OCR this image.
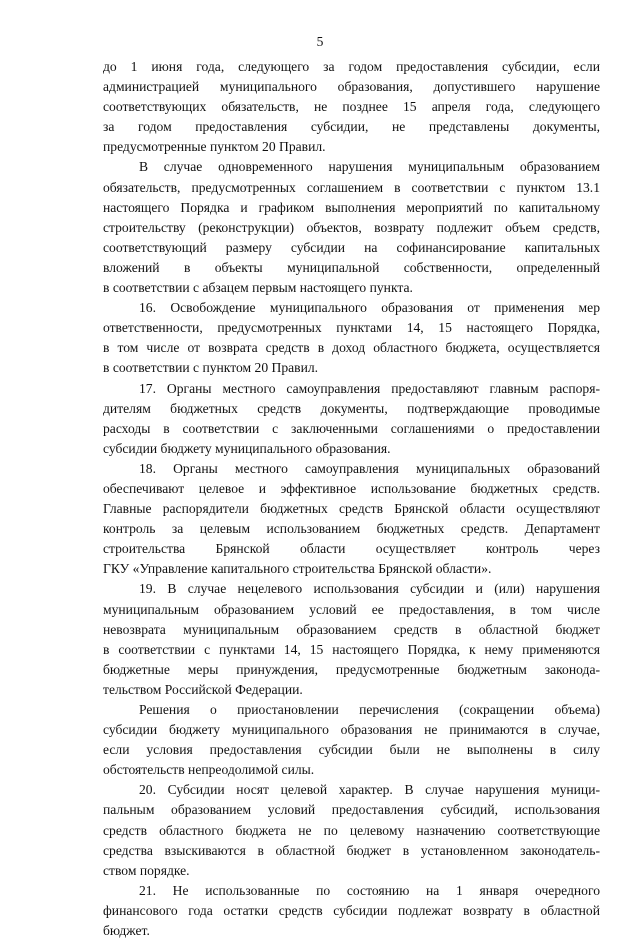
5
до 1 июня года, следующего за годом предоставления субсидии, если
администрацией муниципального образования, допустившего нарушение
соответствующих обязательств, не позднее 15 апреля года, следующего
за годом предоставления субсидии, не представлены документы,
предусмотренные пунктом 20 Правил.
В случае одновременного нарушения муниципальным образованием
обязательств, предусмотренных соглашением в соответствии с пунктом 13.1
настоящего Порядка и графиком выполнения мероприятий по капитальному
строительству (реконструкции) объектов, возврату подлежит объем средств,
соответствующий размеру субсидии на софинансирование капитальных
вложений в объекты муниципальной собственности, определенный
в соответствии с абзацем первым настоящего пункта.
16. Освобождение муниципального образования от применения мер
ответственности, предусмотренных пунктами 14, 15 настоящего Порядка,
в том числе от возврата средств в доход областного бюджета, осуществляется
в соответствии с пунктом 20 Правил.
17. Органы местного самоуправления предоставляют главным распоря-
дителям бюджетных средств документы, подтверждающие проводимые
расходы в соответствии с заключенными соглашениями о предоставлении
субсидии бюджету муниципального образования.
18. Органы местного самоуправления муниципальных образований
обеспечивают целевое и эффективное использование бюджетных средств.
Главные распорядители бюджетных средств Брянской области осуществляют
контроль за целевым использованием бюджетных средств. Департамент
строительства Брянской области осуществляет контроль через
ГКУ «Управление капитального строительства Брянской области».
19. В случае нецелевого использования субсидии и (или) нарушения
муниципальным образованием условий ее предоставления, в том числе
невозврата муниципальным образованием средств в областной бюджет
в соответствии с пунктами 14, 15 настоящего Порядка, к нему применяются
бюджетные меры принуждения, предусмотренные бюджетным законода-
тельством Российской Федерации.
Решения о приостановлении перечисления (сокращении объема)
субсидии бюджету муниципального образования не принимаются в случае,
если условия предоставления субсидии были не выполнены в силу
обстоятельств непреодолимой силы.
20. Субсидии носят целевой характер. В случае нарушения муници-
пальным образованием условий предоставления субсидий, использования
средств областного бюджета не по целевому назначению соответствующие
средства взыскиваются в областной бюджет в установленном законодатель-
ством порядке.
21. Не использованные по состоянию на 1 января очередного
финансового года остатки средств субсидии подлежат возврату в областной
бюджет.
